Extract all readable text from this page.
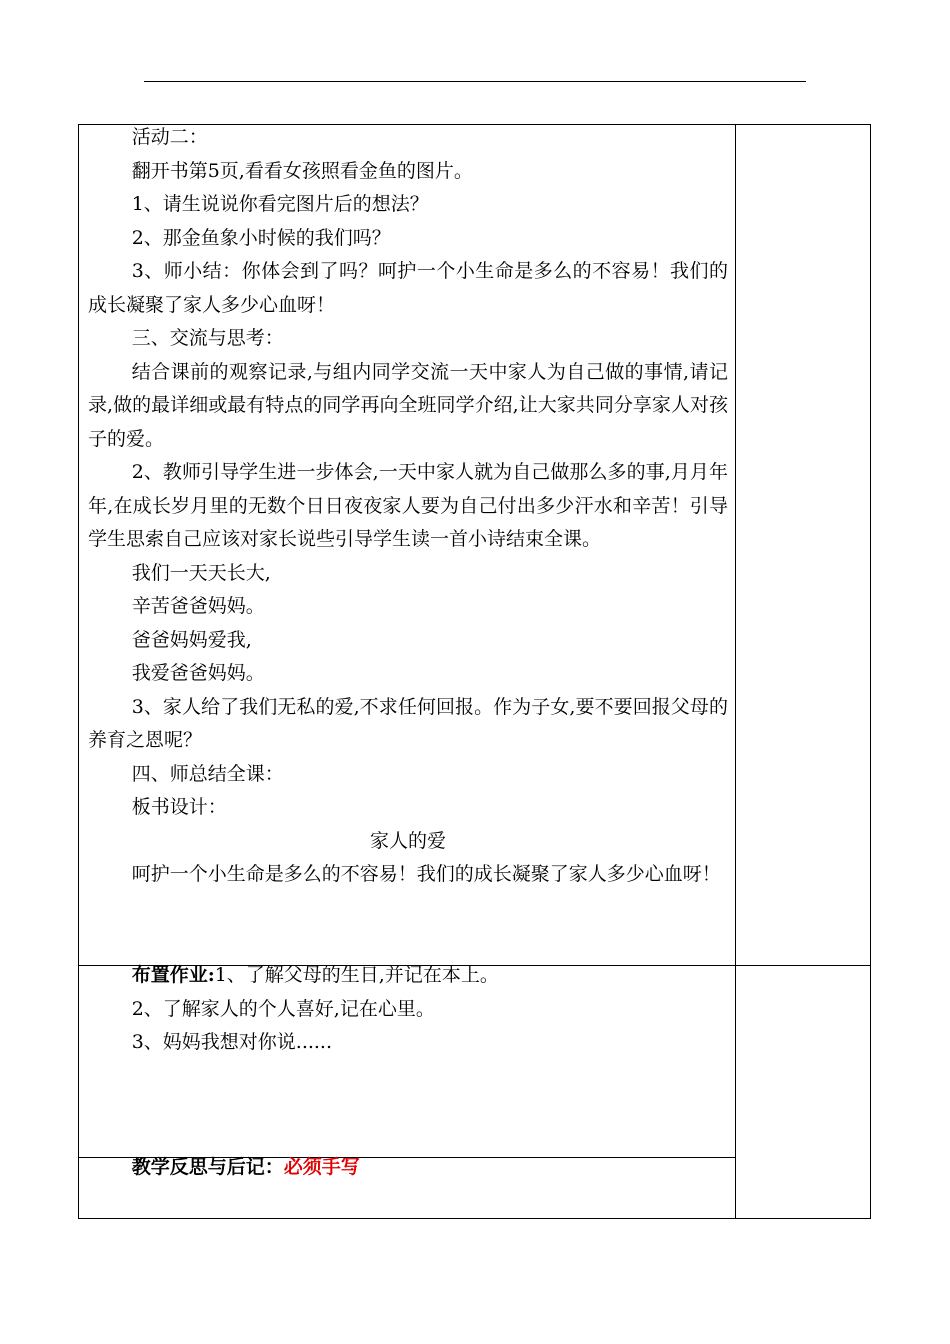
活动二：

翻开书第5页,看看女孩照看金鱼的图片。

1、请生说说你看完图片后的想法？

2、那金鱼象小时候的我们吗？

3、师小结：你体会到了吗？呵护一个小生命是多么的不容易！我们的成长凝聚了家人多少心血呀！

三、交流与思考：

结合课前的观察记录,与组内同学交流一天中家人为自己做的事情,请记录,做的最详细或最有特点的同学再向全班同学介绍,让大家共同分享家人对孩子的爱。

2、教师引导学生进一步体会,一天中家人就为自己做那么多的事,月月年年,在成长岁月里的无数个日日夜夜家人要为自己付出多少汗水和辛苦！引导学生思索自己应该对家长说些引导学生读一首小诗结束全课。

我们一天天长大,

辛苦爸爸妈妈。

爸爸妈妈爱我,

我爱爸爸妈妈。

3、家人给了我们无私的爱,不求任何回报。作为子女,要不要回报父母的养育之恩呢？

四、师总结全课：

板书设计：

家人的爱

呵护一个小生命是多么的不容易！我们的成长凝聚了家人多少心血呀！

布置作业:1、了解父母的生日,并记在本上。

2、了解家人的个人喜好,记在心里。

3、妈妈我想对你说......

教学反思与后记：必须手写
